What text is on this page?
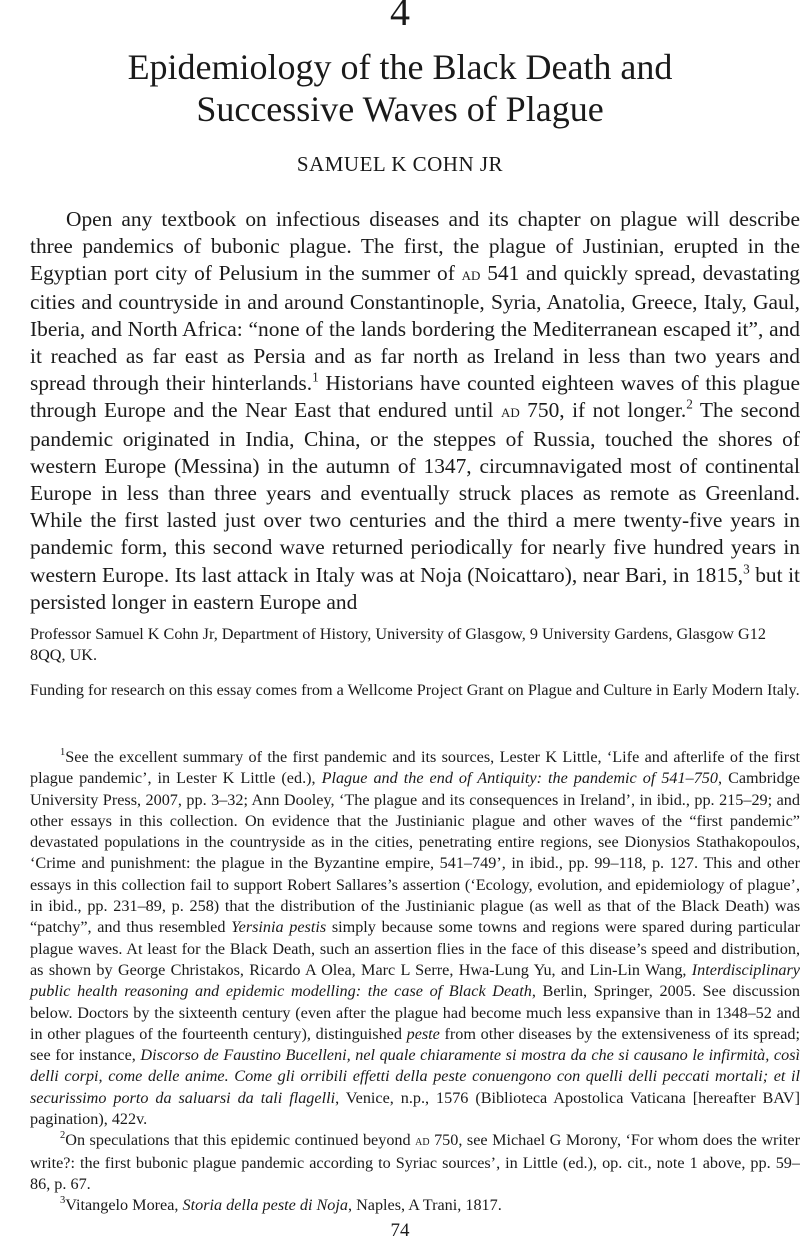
4
Epidemiology of the Black Death and
Successive Waves of Plague
SAMUEL K COHN JR

Open any textbook on infectious diseases and its chapter on plague will describe three pandemics of bubonic plague. The first, the plague of Justinian, erupted in the Egyptian port city of Pelusium in the summer of ad 541 and quickly spread, devastating cities and countryside in and around Constantinople, Syria, Anatolia, Greece, Italy, Gaul, Iberia, and North Africa: “none of the lands bordering the Mediterranean escaped it”, and it reached as far east as Persia and as far north as Ireland in less than two years and spread through their hinterlands.$^1$ Historians have counted eighteen waves of this plague through Europe and the Near East that endured until ad 750, if not longer.$^2$ The second pandemic originated in India, China, or the steppes of Russia, touched the shores of western Europe (Messina) in the autumn of 1347, circumnavigated most of continental Europe in less than three years and eventually struck places as remote as Greenland. While the first lasted just over two centuries and the third a mere twenty-five years in pandemic form, this second wave returned periodically for nearly five hundred years in western Europe. Its last attack in Italy was at Noja (Noicattaro), near Bari, in 1815,$^3$ but it persisted longer in eastern Europe and

Professor Samuel K Cohn Jr, Department of History, University of Glasgow, 9 University Gardens, Glasgow G12 8QQ, UK.

Funding for research on this essay comes from a Wellcome Project Grant on Plague and Culture in Early Modern Italy.

$^1$See the excellent summary of the first pandemic and its sources, Lester K Little, ‘Life and afterlife of the first plague pandemic’, in Lester K Little (ed.), Plague and the end of Antiquity: the pandemic of 541–750, Cambridge University Press, 2007, pp. 3–32; Ann Dooley, ‘The plague and its consequences in Ireland’, in ibid., pp. 215–29; and other essays in this collection. On evidence that the Justinianic plague and other waves of the “first pandemic” devastated populations in the countryside as in the cities, penetrating entire regions, see Dionysios Stathakopoulos, ‘Crime and punishment: the plague in the Byzantine empire, 541–749’, in ibid., pp. 99–118, p. 127. This and other essays in this collection fail to support Robert Sallares’s assertion (‘Ecology, evolution, and epidemiology of plague’, in ibid., pp. 231–89, p. 258) that the distribution of the Justinianic plague (as well as that of the Black Death) was “patchy”, and thus resembled Yersinia pestis simply because some towns and regions were spared during particular plague waves. At least for the Black Death, such an assertion flies in the face of this disease’s speed and distribution, as shown by George Christakos, Ricardo A Olea, Marc L Serre, Hwa-Lung Yu, and Lin-Lin Wang, Interdisciplinary public health reasoning and epidemic modelling: the case of Black Death, Berlin, Springer, 2005. See discussion below. Doctors by the sixteenth century (even after the plague had become much less expansive than in 1348–52 and in other plagues of the fourteenth century), distinguished peste from other diseases by the extensiveness of its spread; see for instance, Discorso de Faustino Bucelleni, nel quale chiaramente si mostra da che si causano le infirmità, così delli corpi, come delle anime. Come gli orribili effetti della peste conuengono con quelli delli peccati mortali; et il securissimo porto da saluarsi da tali flagelli, Venice, n.p., 1576 (Biblioteca Apostolica Vaticana [hereafter BAV] pagination), 422v.

$^2$On speculations that this epidemic continued beyond ad 750, see Michael G Morony, ‘For whom does the writer write?: the first bubonic plague pandemic according to Syriac sources’, in Little (ed.), op. cit., note 1 above, pp. 59–86, p. 67.

$^3$Vitangelo Morea, Storia della peste di Noja, Naples, A Trani, 1817.

74
